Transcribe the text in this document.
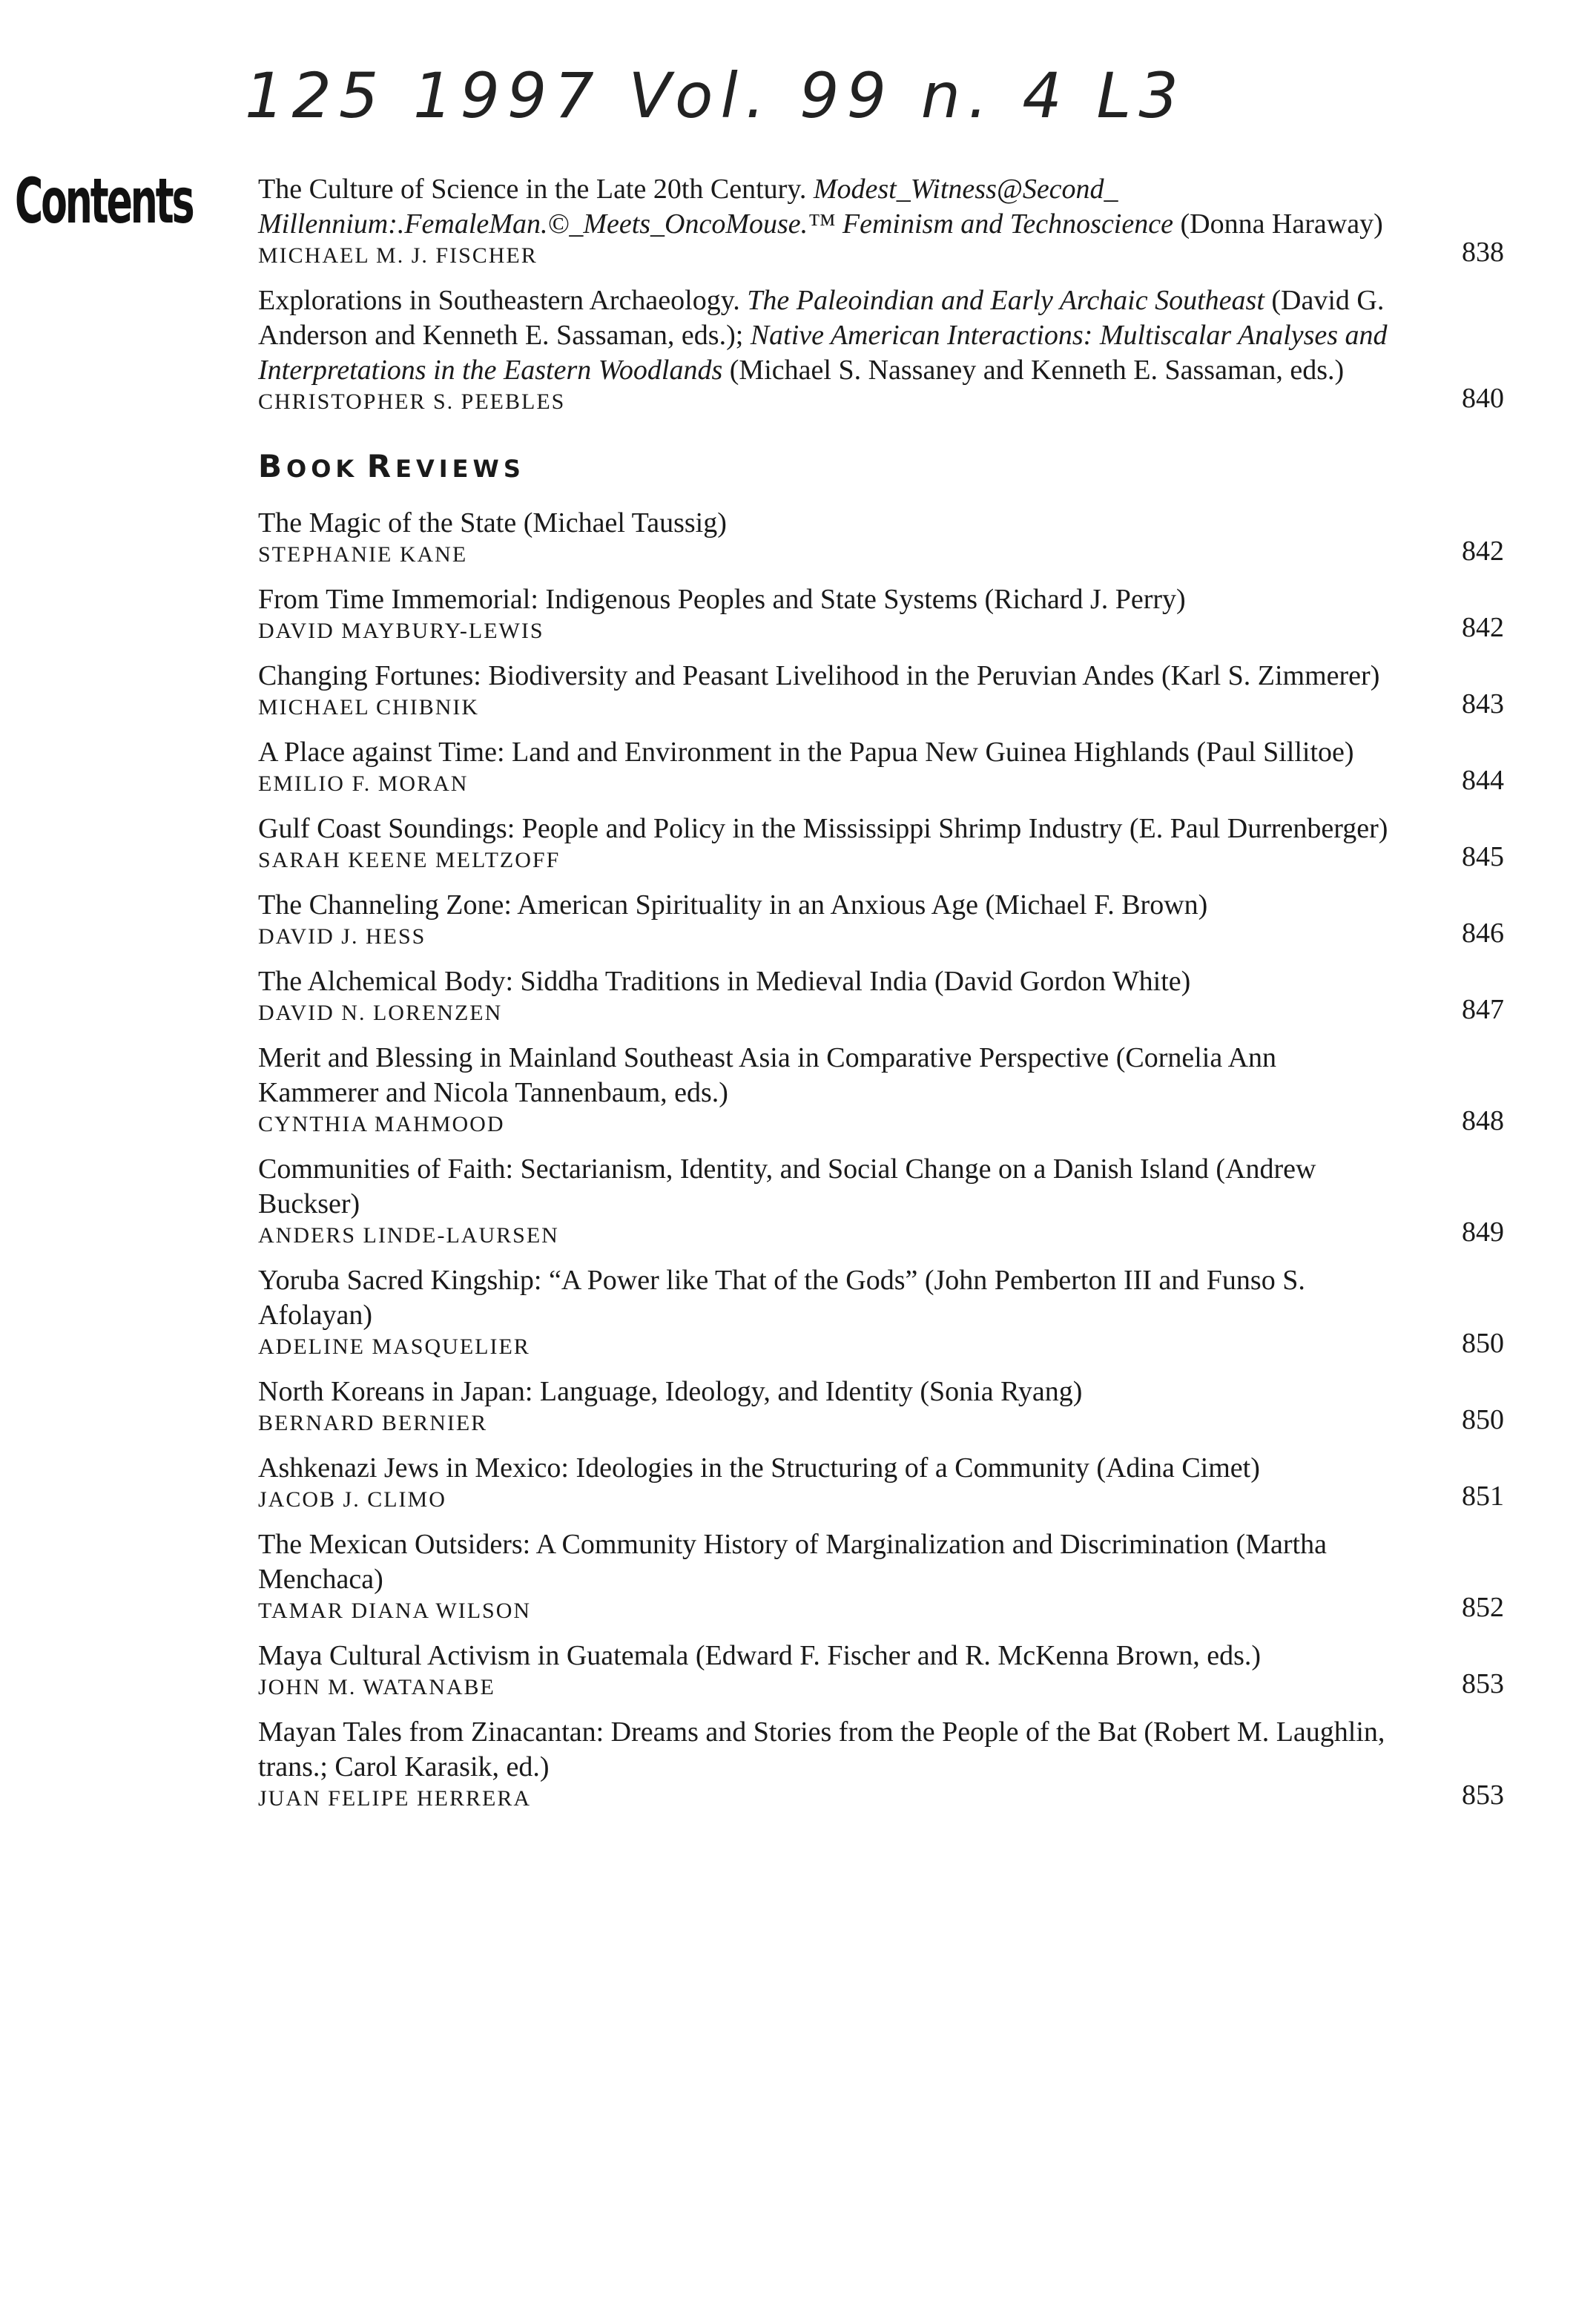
125 1997 Vol. 99 n. 4 L3
Contents The Culture of Science in the Late 20th Century. Modest_Witness@Second_ Millennium:.FemaleMan.©_Meets_OncoMouse.™ Feminism and Technoscience (Donna Haraway)
MICHAEL M. J. FISCHER	838
Explorations in Southeastern Archaeology. The Paleoindian and Early Archaic Southeast (David G. Anderson and Kenneth E. Sassaman, eds.); Native American Interactions: Multiscalar Analyses and Interpretations in the Eastern Woodlands (Michael S. Nassaney and Kenneth E. Sassaman, eds.)
CHRISTOPHER S. PEEBLES	840
BOOK REVIEWS
The Magic of the State (Michael Taussig)
STEPHANIE KANE	842
From Time Immemorial: Indigenous Peoples and State Systems (Richard J. Perry)
DAVID MAYBURY-LEWIS	842
Changing Fortunes: Biodiversity and Peasant Livelihood in the Peruvian Andes (Karl S. Zimmerer)
MICHAEL CHIBNIK	843
A Place against Time: Land and Environment in the Papua New Guinea Highlands (Paul Sillitoe)
EMILIO F. MORAN	844
Gulf Coast Soundings: People and Policy in the Mississippi Shrimp Industry (E. Paul Durrenberger)
SARAH KEENE MELTZOFF	845
The Channeling Zone: American Spirituality in an Anxious Age (Michael F. Brown)
DAVID J. HESS	846
The Alchemical Body: Siddha Traditions in Medieval India (David Gordon White)
DAVID N. LORENZEN	847
Merit and Blessing in Mainland Southeast Asia in Comparative Perspective (Cornelia Ann Kammerer and Nicola Tannenbaum, eds.)
CYNTHIA MAHMOOD	848
Communities of Faith: Sectarianism, Identity, and Social Change on a Danish Island (Andrew Buckser)
ANDERS LINDE-LAURSEN	849
Yoruba Sacred Kingship: “A Power like That of the Gods” (John Pemberton III and Funso S. Afolayan)
ADELINE MASQUELIER	850
North Koreans in Japan: Language, Ideology, and Identity (Sonia Ryang)
BERNARD BERNIER	850
Ashkenazi Jews in Mexico: Ideologies in the Structuring of a Community (Adina Cimet)
JACOB J. CLIMO	851
The Mexican Outsiders: A Community History of Marginalization and Discrimination (Martha Menchaca)
TAMAR DIANA WILSON	852
Maya Cultural Activism in Guatemala (Edward F. Fischer and R. McKenna Brown, eds.)
JOHN M. WATANABE	853
Mayan Tales from Zinacantan: Dreams and Stories from the People of the Bat (Robert M. Laughlin, trans.; Carol Karasik, ed.)
JUAN FELIPE HERRERA	853
